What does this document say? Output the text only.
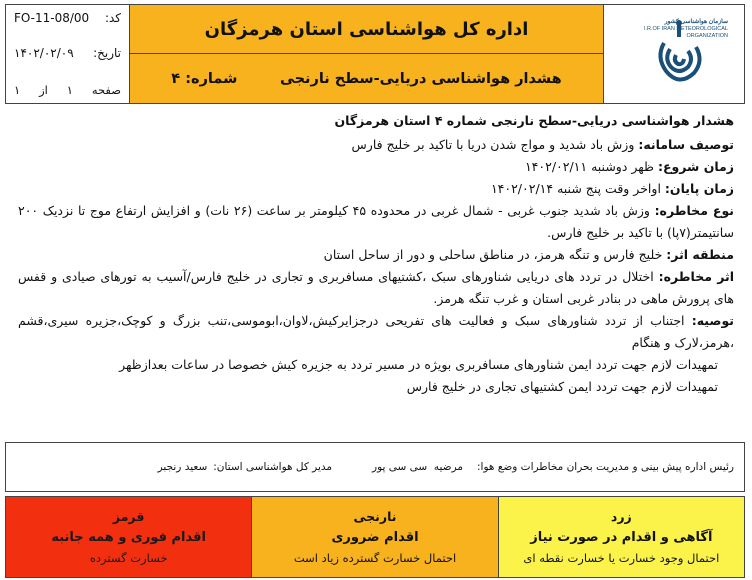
FO-11-08/00 کد:
۱۴۰۲/۰۲/۰۹ تاریخ:
صفحه
۱
از
۱
اداره کل هواشناسی استان هرمزگان
هشدار هواشناسی دریایی-سطح نارنجی
شماره: ۴
سازمان هواشناسی کشور
I.R.OF IRAN METEOROLOGICAL ORGANIZATION
هشدار هواشناسی دریایی-سطح نارنجی شماره ۴ استان هرمزگان
توصیف سامانه: وزش باد شدید و مواج شدن دریا با تاکید بر خلیج فارس
زمان شروع: ظهر دوشنبه ۱۴۰۲/۰۲/۱۱
زمان پایان: اواخر وقت پنج شنبه ۱۴۰۲/۰۲/۱۴
نوع مخاطره: وزش باد شدید جنوب غربی - شمال غربی در محدوده ۴۵ کیلومتر بر ساعت (۲۶ نات) و افزایش ارتفاع موج تا نزدیک ۲۰۰ سانتیمتر(۷پا) با تاکید بر خلیج فارس.
منطقه اثر: خلیج فارس و تنگه هرمز، در مناطق ساحلی و دور از ساحل استان
اثر مخاطره: اختلال در تردد های دریایی شناورهای سبک ،کشتیهای مسافربری و تجاری در خلیج فارس/آسیب به تورهای صیادی و قفس های پرورش ماهی در بنادر غربی استان و غرب تنگه هرمز.
توصیه: اجتناب از تردد شناورهای سبک و فعالیت های تفریحی درجزایرکیش،لاوان،ابوموسی،تنب بزرگ و کوچک،جزیره سیری،قشم ،هرمز،لارک و هنگام
تمهیدات لازم جهت تردد ایمن شناورهای مسافربری بویژه در مسیر تردد به جزیره کیش خصوصا در ساعات بعدازظهر
تمهیدات لازم جهت تردد ایمن کشتیهای تجاری در خلیج فارس
رئیس اداره پیش بینی و مدیریت بحران مخاطرات وضع هوا:
مرضیه  سی سی پور
مدیر کل هواشناسی استان:
سعید رنجبر
قرمز
اقدام فوری و همه جانبه
خسارت گسترده
نارنجی
اقدام ضروری
احتمال خسارت گسترده زیاد است
زرد
آگاهی و اقدام در صورت نیاز
احتمال وجود خسارت یا خسارت نقطه ای
